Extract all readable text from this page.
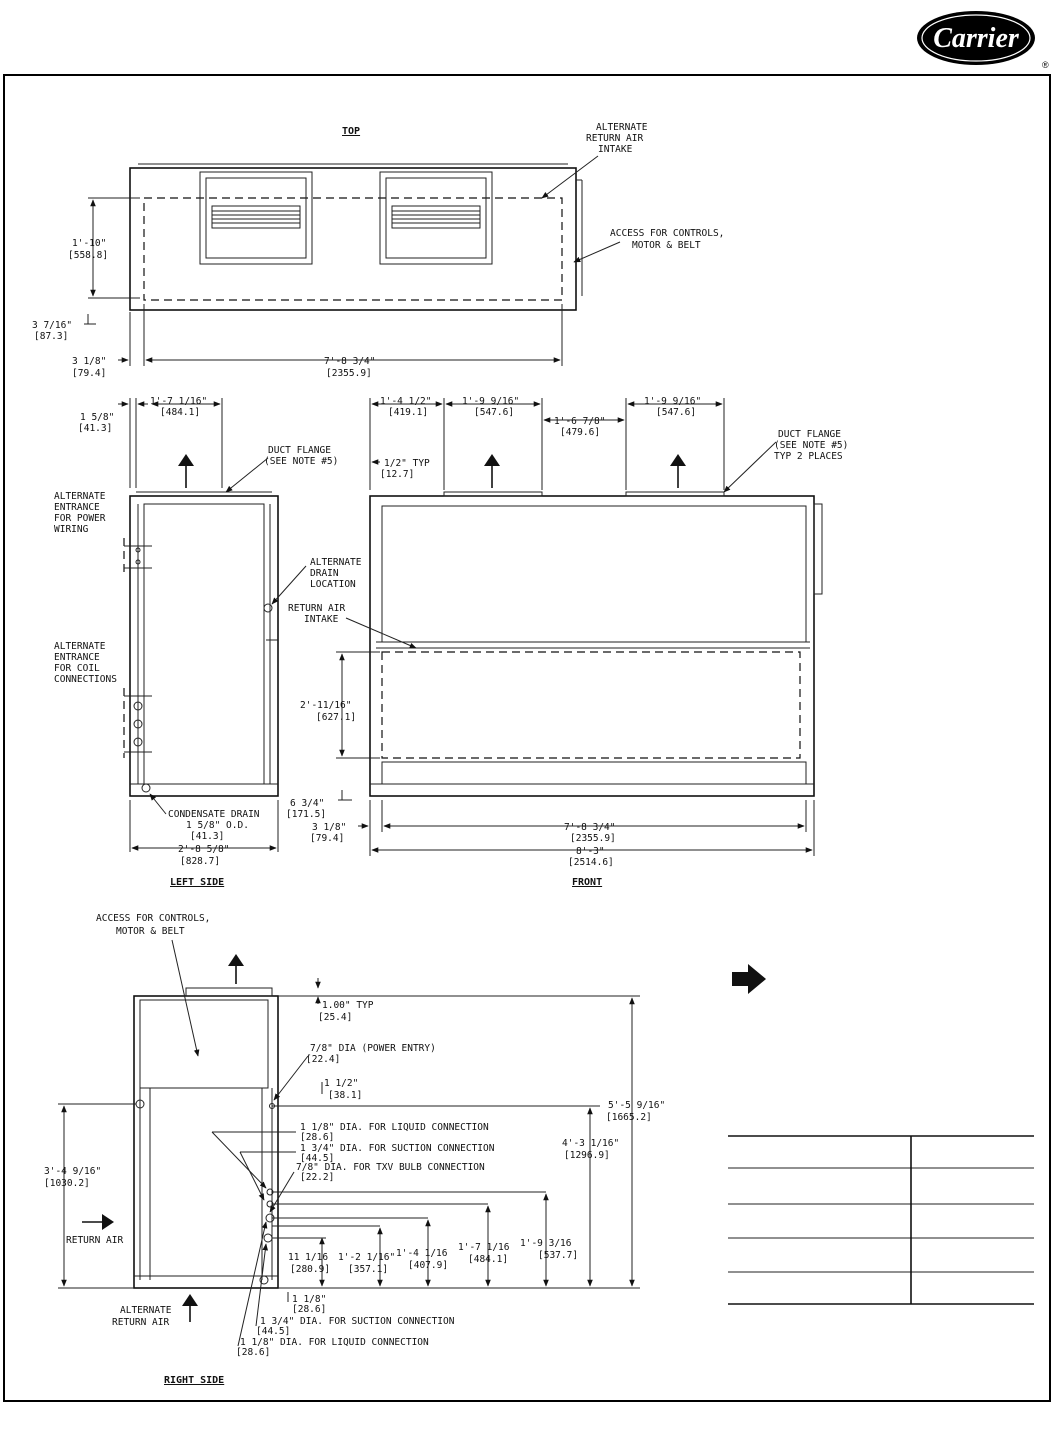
Carrier
®
TOP	ALTERNATE
RETURN AIR
INTAKE
ACCESS FOR CONTROLS,
MOTOR & BELT
1'-10"
[558.8]
3 7/16"
[87.3]
3 1/8"
[79.4]
7'-8 3/4"
[2355.9]
LEFT SIDE
1'-7 1/16"
[484.1]
1 5/8"
[41.3]
DUCT FLANGE
(SEE NOTE #5)
ALTERNATE
ENTRANCE
FOR POWER
WIRING
ALTERNATE
DRAIN
LOCATION
ALTERNATE
ENTRANCE
FOR COIL
CONNECTIONS
CONDENSATE DRAIN
1 5/8" O.D.
[41.3]
2'-8 5/8"
[828.7]
FRONT
1'-4 1/2"
[419.1]
1'-9 9/16"
[547.6]
1'-6 7/8"
[479.6]
1'-9 9/16"
[547.6]
1/2" TYP
[12.7]
DUCT FLANGE
(SEE NOTE #5)
TYP 2 PLACES
RETURN AIR
INTAKE
2'-11/16"
[627.1]
6 3/4"
[171.5]
3 1/8"
[79.4]
7'-8 3/4"
[2355.9]
8'-3"
[2514.6]
RIGHT SIDE
ACCESS FOR CONTROLS,
MOTOR & BELT
1.00" TYP
[25.4]
7/8" DIA (POWER ENTRY)
[22.4]
1 1/2"
[38.1]
1 1/8" DIA. FOR LIQUID CONNECTION
[28.6]
1 3/4" DIA. FOR SUCTION CONNECTION
[44.5]
7/8" DIA. FOR TXV BULB CONNECTION
[22.2]
5'-5 9/16"
[1665.2]
4'-3 1/16"
[1296.9]
3'-4 9/16"
[1030.2]
RETURN AIR	1'-9 3/16
[537.7]
1'-7 1/16
[484.1]
1'-4 1/16
[407.9]
1'-2 1/16"
[357.1]
11 1/16
[280.9]
1 1/8"
[28.6]
1 3/4" DIA. FOR SUCTION CONNECTION
[44.5]
1 1/8" DIA. FOR LIQUID CONNECTION
[28.6]
ALTERNATE
RETURN AIR
